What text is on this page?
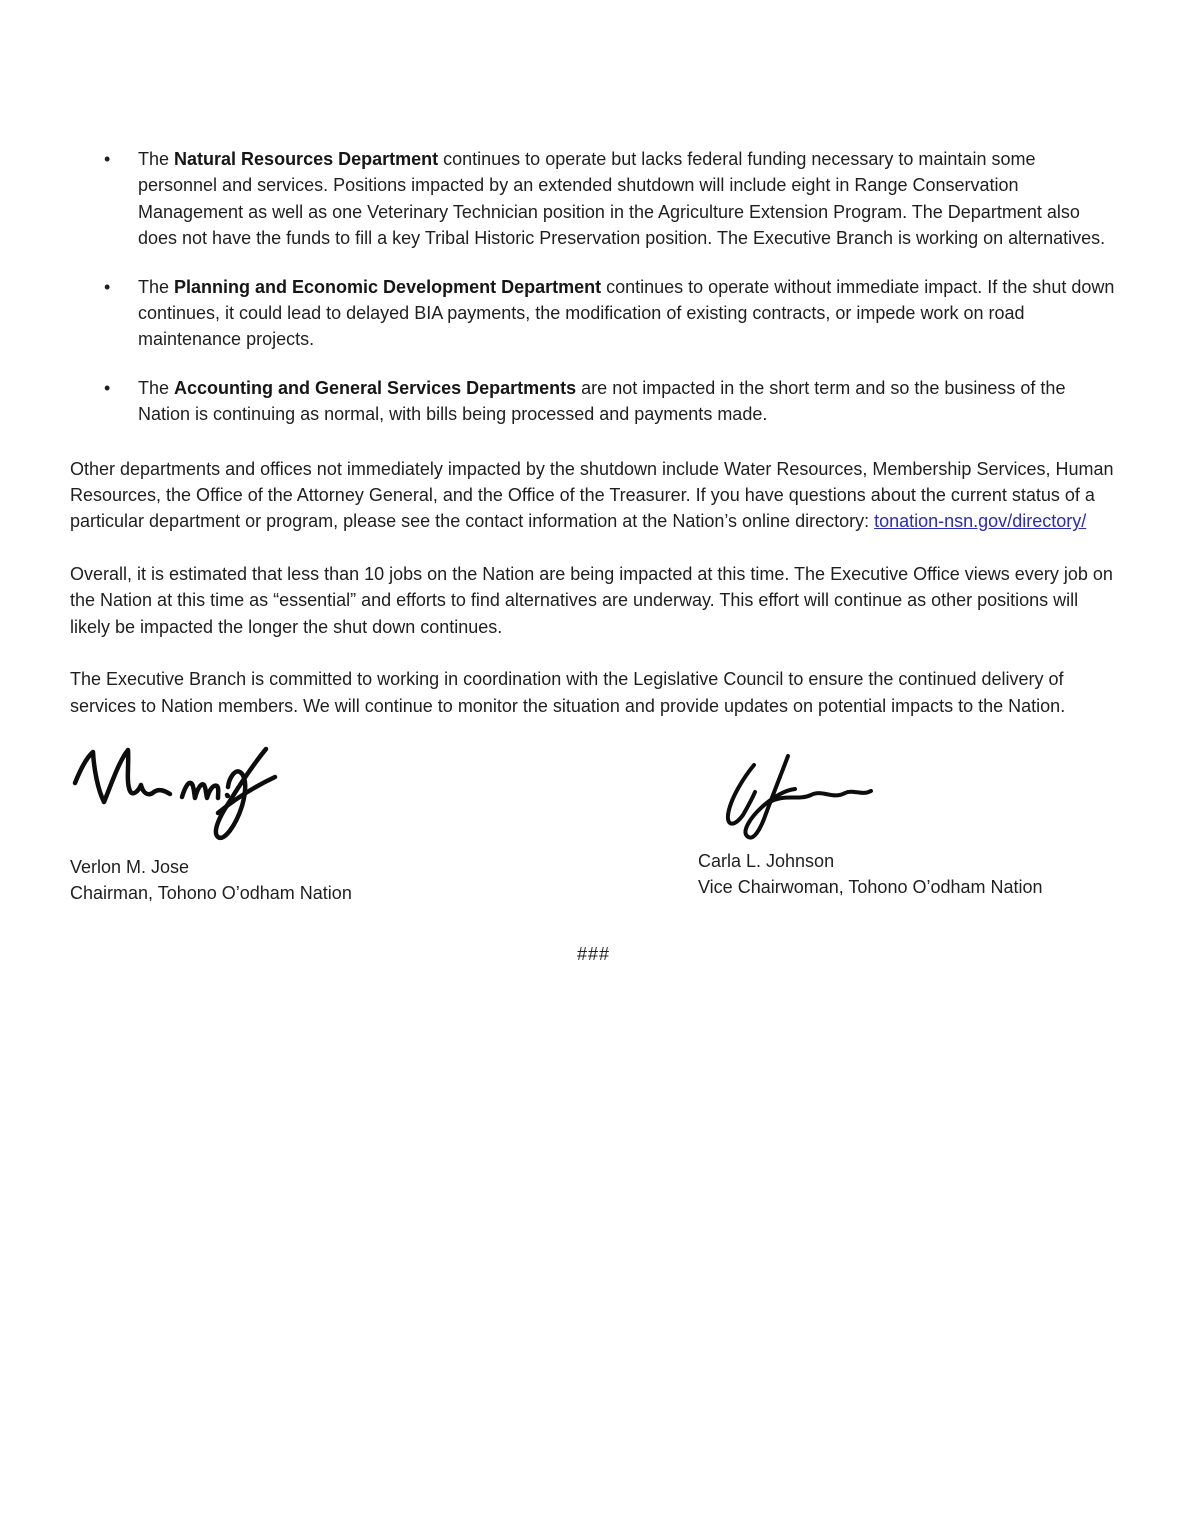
• The Natural Resources Department continues to operate but lacks federal funding necessary to maintain some personnel and services. Positions impacted by an extended shutdown will include eight in Range Conservation Management as well as one Veterinary Technician position in the Agriculture Extension Program. The Department also does not have the funds to fill a key Tribal Historic Preservation position. The Executive Branch is working on alternatives.
• The Planning and Economic Development Department continues to operate without immediate impact. If the shut down continues, it could lead to delayed BIA payments, the modification of existing contracts, or impede work on road maintenance projects.
• The Accounting and General Services Departments are not impacted in the short term and so the business of the Nation is continuing as normal, with bills being processed and payments made.

Other departments and offices not immediately impacted by the shutdown include Water Resources, Membership Services, Human Resources, the Office of the Attorney General, and the Office of the Treasurer. If you have questions about the current status of a particular department or program, please see the contact information at the Nation’s online directory: tonation-nsn.gov/directory/

Overall, it is estimated that less than 10 jobs on the Nation are being impacted at this time. The Executive Office views every job on the Nation at this time as “essential” and efforts to find alternatives are underway. This effort will continue as other positions will likely be impacted the longer the shut down continues.

The Executive Branch is committed to working in coordination with the Legislative Council to ensure the continued delivery of services to Nation members. We will continue to monitor the situation and provide updates on potential impacts to the Nation.

Verlon M. Jose
Chairman, Tohono O’odham Nation
Carla L. Johnson
Vice Chairwoman, Tohono O’odham Nation
###
